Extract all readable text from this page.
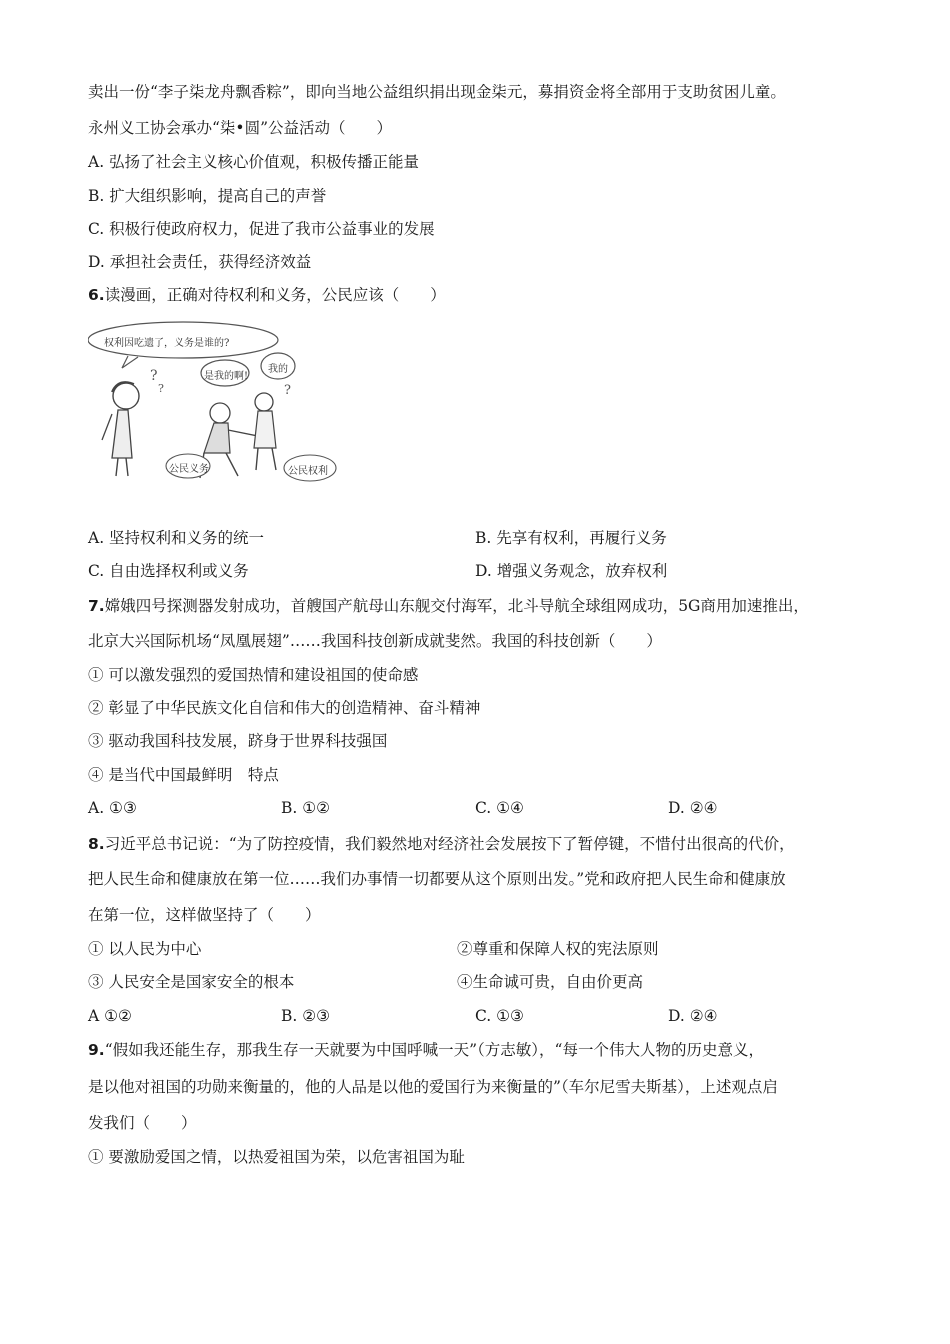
卖出一份“李子柒龙舟飘香粽”，即向当地公益组织捐出现金柒元，募捐资金将全部用于支助贫困儿童。
永州义工协会承办“柒•圆”公益活动（　　）
A. 弘扬了社会主义核心价值观，积极传播正能量
B. 扩大组织影响，提高自己的声誉
C. 积极行使政府权力，促进了我市公益事业的发展
D. 承担社会责任，获得经济效益
6.读漫画，正确对待权利和义务，公民应该（　　）
?
?	?
权利因吃遗了，义务是谁的?
是我的啊!
我的
公民义务	公民权利
A. 坚持权利和义务的统一	B. 先享有权利，再履行义务
C. 自由选择权利或义务	D. 增强义务观念，放弃权利
7.嫦娥四号探测器发射成功，首艘国产航母山东舰交付海军，北斗导航全球组网成功，5G商用加速推出，
北京大兴国际机场“凤凰展翅”……我国科技创新成就斐然。我国的科技创新（　　）
① 可以激发强烈的爱国热情和建设祖国的使命感
② 彰显了中华民族文化自信和伟大的创造精神、奋斗精神
③ 驱动我国科技发展，跻身于世界科技强国
④ 是当代中国最鲜明　特点
A. ①③	B. ①②	C. ①④	D. ②④
8.习近平总书记说：“为了防控疫情，我们毅然地对经济社会发展按下了暂停键，不惜付出很高的代价，
把人民生命和健康放在第一位……我们办事情一切都要从这个原则出发。”党和政府把人民生命和健康放
在第一位，这样做坚持了（　　）
① 以人民为中心	②尊重和保障人权的宪法原则
③ 人民安全是国家安全的根本	④生命诚可贵，自由价更高
A ①②	B. ②③	C. ①③	D. ②④
9.“假如我还能生存，那我生存一天就要为中国呼喊一天”（方志敏），“每一个伟大人物的历史意义，
是以他对祖国的功勋来衡量的，他的人品是以他的爱国行为来衡量的”（车尔尼雪夫斯基），上述观点启
发我们（　　）
① 要激励爱国之情，以热爱祖国为荣，以危害祖国为耻
